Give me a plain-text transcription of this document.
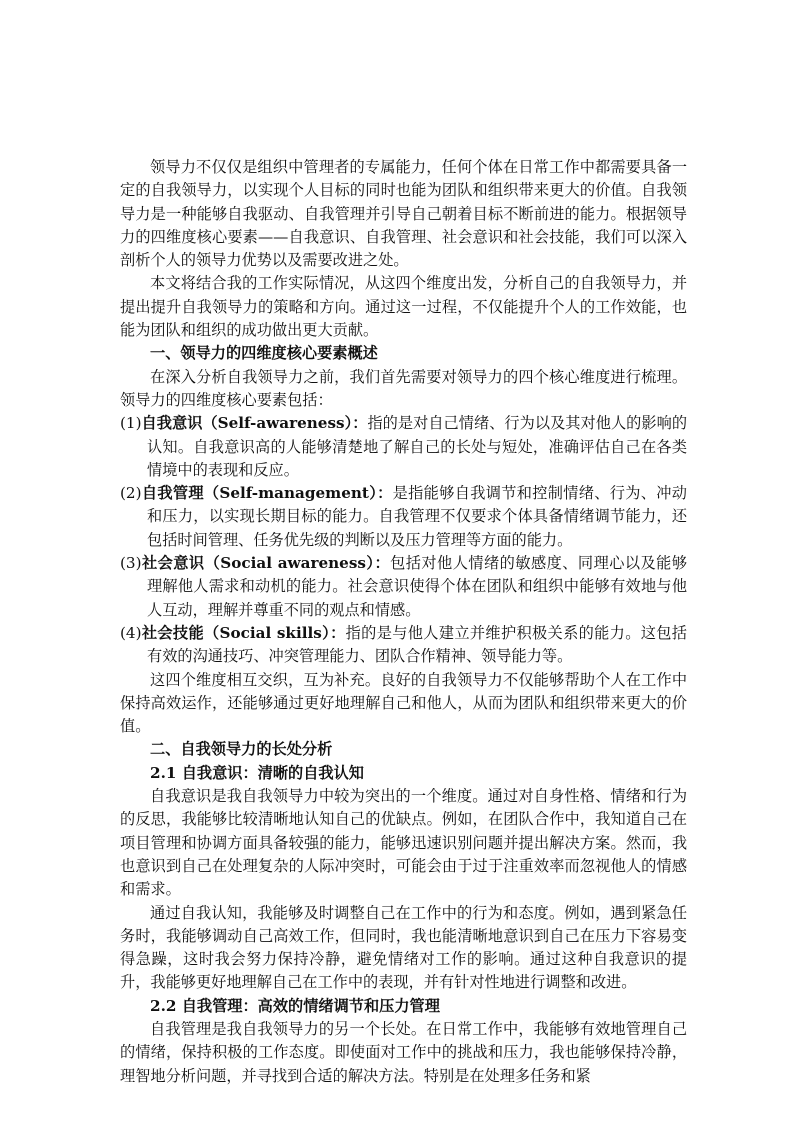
领导力不仅仅是组织中管理者的专属能力，任何个体在日常工作中都需要具备一定的自我领导力，以实现个人目标的同时也能为团队和组织带来更大的价值。自我领导力是一种能够自我驱动、自我管理并引导自己朝着目标不断前进的能力。根据领导力的四维度核心要素——自我意识、自我管理、社会意识和社会技能，我们可以深入剖析个人的领导力优势以及需要改进之处。

本文将结合我的工作实际情况，从这四个维度出发，分析自己的自我领导力，并提出提升自我领导力的策略和方向。通过这一过程，不仅能提升个人的工作效能，也能为团队和组织的成功做出更大贡献。

一、领导力的四维度核心要素概述

在深入分析自我领导力之前，我们首先需要对领导力的四个核心维度进行梳理。领导力的四维度核心要素包括：

(1)自我意识（Self-awareness）：指的是对自己情绪、行为以及其对他人的影响的认知。自我意识高的人能够清楚地了解自己的长处与短处，准确评估自己在各类情境中的表现和反应。

(2)自我管理（Self-management）：是指能够自我调节和控制情绪、行为、冲动和压力，以实现长期目标的能力。自我管理不仅要求个体具备情绪调节能力，还包括时间管理、任务优先级的判断以及压力管理等方面的能力。

(3)社会意识（Social awareness）：包括对他人情绪的敏感度、同理心以及能够理解他人需求和动机的能力。社会意识使得个体在团队和组织中能够有效地与他人互动，理解并尊重不同的观点和情感。

(4)社会技能（Social skills）：指的是与他人建立并维护积极关系的能力。这包括有效的沟通技巧、冲突管理能力、团队合作精神、领导能力等。

这四个维度相互交织，互为补充。良好的自我领导力不仅能够帮助个人在工作中保持高效运作，还能够通过更好地理解自己和他人，从而为团队和组织带来更大的价值。

二、自我领导力的长处分析

2.1 自我意识：清晰的自我认知

自我意识是我自我领导力中较为突出的一个维度。通过对自身性格、情绪和行为的反思，我能够比较清晰地认知自己的优缺点。例如，在团队合作中，我知道自己在项目管理和协调方面具备较强的能力，能够迅速识别问题并提出解决方案。然而，我也意识到自己在处理复杂的人际冲突时，可能会由于过于注重效率而忽视他人的情感和需求。

通过自我认知，我能够及时调整自己在工作中的行为和态度。例如，遇到紧急任务时，我能够调动自己高效工作，但同时，我也能清晰地意识到自己在压力下容易变得急躁，这时我会努力保持冷静，避免情绪对工作的影响。通过这种自我意识的提升，我能够更好地理解自己在工作中的表现，并有针对性地进行调整和改进。

2.2 自我管理：高效的情绪调节和压力管理

自我管理是我自我领导力的另一个长处。在日常工作中，我能够有效地管理自己的情绪，保持积极的工作态度。即使面对工作中的挑战和压力，我也能够保持冷静，理智地分析问题，并寻找到合适的解决方法。特别是在处理多任务和紧
